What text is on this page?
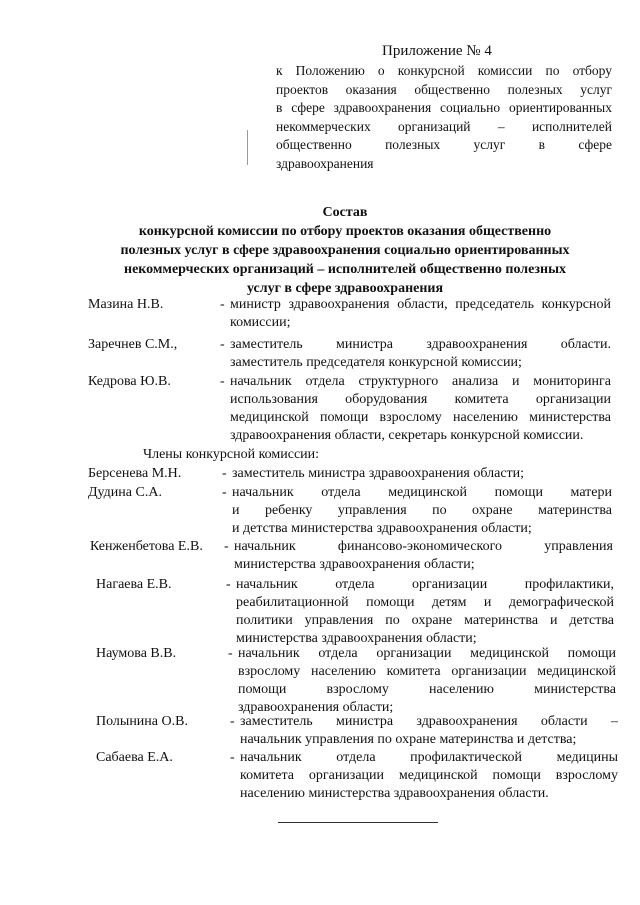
Приложение № 4
к Положению о конкурсной комиссии по отбору
проектов оказания общественно полезных услуг
в сфере здравоохранения социально ориентированных
некоммерческих организаций – исполнителей
общественно полезных услуг в сфере
здравоохранения
Состав
конкурсной комиссии по отбору проектов оказания общественно
полезных услуг в сфере здравоохранения социально ориентированных
некоммерческих организаций – исполнителей общественно полезных
услуг в сфере здравоохранения
Мазина Н.В.	- министр здравоохранения области, председатель конкурсной
комиссии;
Заречнев С.М.,	- заместитель министра здравоохранения области.
заместитель председателя конкурсной комиссии;
Кедрова Ю.В.	- начальник отдела структурного анализа и мониторинга
использования оборудования комитета организации
медицинской помощи взрослому населению министерства
здравоохранения области, секретарь конкурсной комиссии.
Члены конкурсной комиссии:
Берсенева М.Н.	- заместитель министра здравоохранения области;
Дудина С.А.	- начальник отдела медицинской помощи матери
и ребенку управления по охране материнства
и детства министерства здравоохранения области;
Кенженбетова Е.В. - начальник финансово-экономического управления
министерства здравоохранения области;
Нагаева Е.В.	- начальник отдела организации профилактики,
реабилитационной помощи детям и демографической
политики управления по охране материнства и детства
министерства здравоохранения области;
Наумова В.В.	- начальник отдела организации медицинской помощи
взрослому населению комитета организации медицинской
помощи взрослому населению министерства
здравоохранения области;
Полынина О.В.	- заместитель министра здравоохранения области –
начальник управления по охране материнства и детства;
Сабаева Е.А.	- начальник отдела профилактической медицины
комитета организации медицинской помощи взрослому
населению министерства здравоохранения области.
